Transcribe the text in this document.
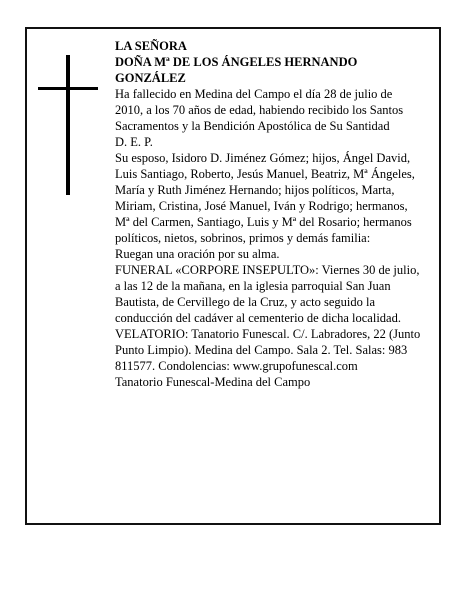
LA SEÑORA

DOÑA Mª DE LOS ÁNGELES HERNANDO GONZÁLEZ

Ha fallecido en Medina del Campo el día 28 de julio de 2010, a los 70 años de edad, habiendo recibido los Santos Sacramentos y la Bendición Apostólica de Su Santidad

D. E. P.

Su esposo, Isidoro D. Jiménez Gómez; hijos, Ángel David, Luis Santiago, Roberto, Jesús Manuel, Beatriz, Mª Ángeles, María y Ruth Jiménez Hernando; hijos políticos, Marta, Miriam, Cristina, José Manuel, Iván y Rodrigo; hermanos, Mª del Carmen, Santiago, Luis y Mª del Rosario; hermanos políticos, nietos, sobrinos, primos y demás familia:

Ruegan una oración por su alma.

FUNERAL «CORPORE INSEPULTO»: Viernes 30 de julio, a las 12 de la mañana, en la iglesia parroquial San Juan Bautista, de Cervillego de la Cruz, y acto seguido la conducción del cadáver al cementerio de dicha localidad.

VELATORIO: Tanatorio Funescal. C/. Labradores, 22 (Junto Punto Limpio). Medina del Campo. Sala 2. Tel. Salas: 983 811577. Condolencias: www.grupofunescal.com

Tanatorio Funescal-Medina del Campo
